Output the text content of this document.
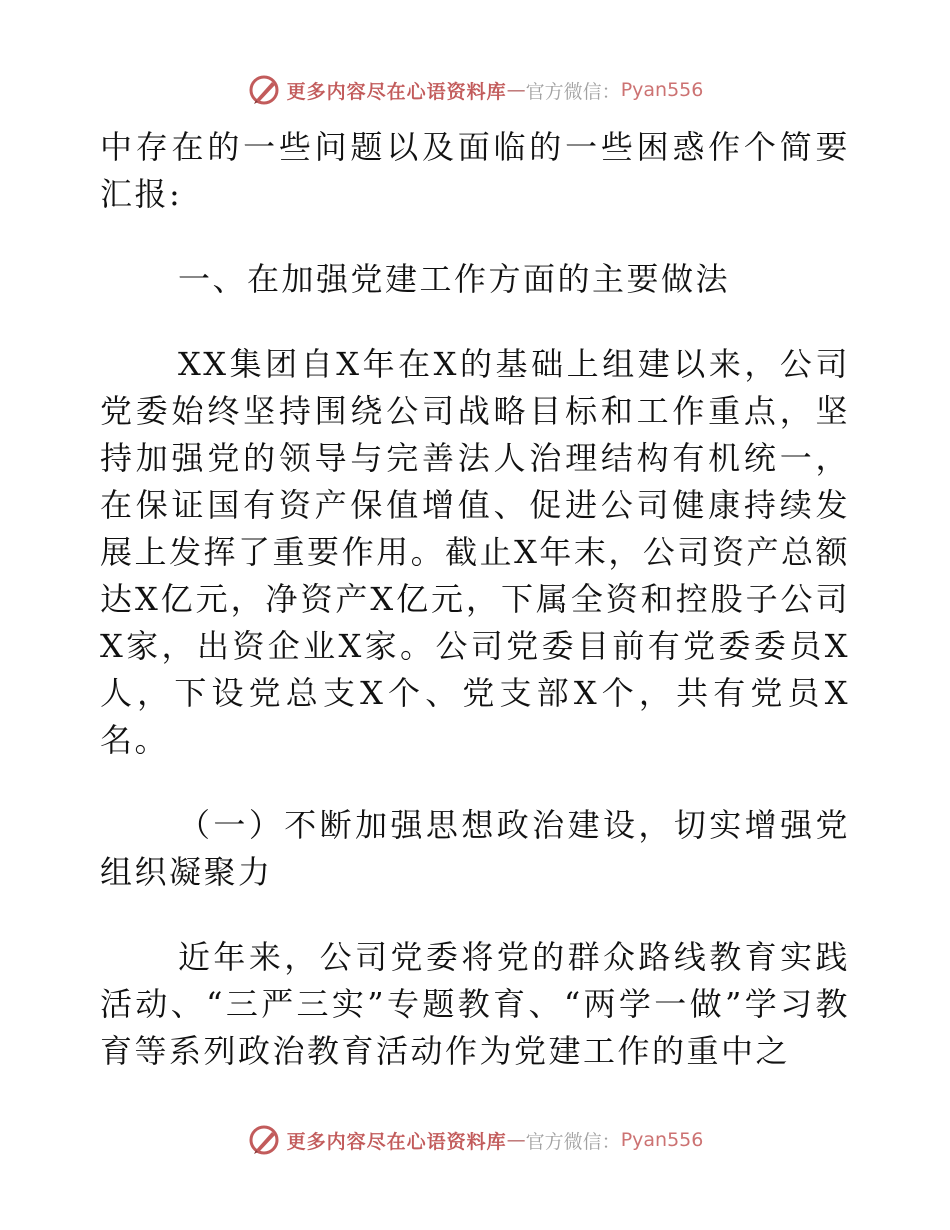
更多内容尽在心语资料库 — 官方微信： Pyan556

中存在的一些问题以及面临的一些困惑作个简要汇报:

一、在加强党建工作方面的主要做法

XX集团自X年在X的基础上组建以来，公司党委始终坚持围绕公司战略目标和工作重点，坚持加强党的领导与完善法人治理结构有机统一，在保证国有资产保值增值、促进公司健康持续发展上发挥了重要作用。截止X年末，公司资产总额达X亿元，净资产X亿元，下属全资和控股子公司X家，出资企业X家。公司党委目前有党委委员X人，下设党总支X个、党支部X个，共有党员X名。

（一）不断加强思想政治建设，切实增强党组织凝聚力

近年来，公司党委将党的群众路线教育实践活动、“三严三实”专题教育、“两学一做”学习教育等系列政治教育活动作为党建工作的重中之

更多内容尽在心语资料库 — 官方微信： Pyan556
